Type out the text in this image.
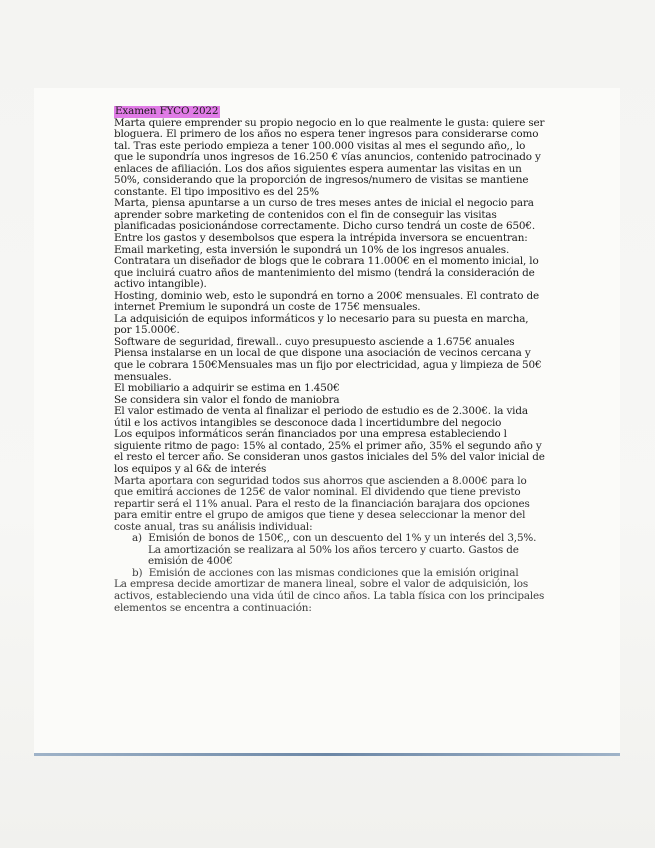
Examen FYCO 2022
Marta quiere emprender su propio negocio en lo que realmente le gusta: quiere ser
bloguera. El primero de los años no espera tener ingresos para considerarse como
tal. Tras este periodo empieza a tener 100.000 visitas al mes el segundo año,, lo
que le supondría unos ingresos de 16.250 € vías anuncios, contenido patrocinado y
enlaces de afiliación. Los dos años siguientes espera aumentar las visitas en un
50%, considerando que la proporción de ingresos/numero de visitas se mantiene
constante. El tipo impositivo es del 25%
Marta, piensa apuntarse a un curso de tres meses antes de inicial el negocio para
aprender sobre marketing de contenidos con el fin de conseguir las visitas
planificadas posicionándose correctamente. Dicho curso tendrá un coste de 650€.
Entre los gastos y desembolsos que espera la intrépida inversora se encuentran:
Email marketing, esta inversión le supondrá un 10% de los ingresos anuales.
Contratara un diseñador de blogs que le cobrara 11.000€ en el momento inicial, lo
que incluirá cuatro años de mantenimiento del mismo (tendrá la consideración de
activo intangible).
Hosting, dominio web, esto le supondrá en torno a 200€ mensuales. El contrato de
internet Premium le supondrá un coste de 175€ mensuales.
La adquisición de equipos informáticos y lo necesario para su puesta en marcha,
por 15.000€.
Software de seguridad, firewall.. cuyo presupuesto asciende a 1.675€ anuales
Piensa instalarse en un local de que dispone una asociación de vecinos cercana y
que le cobrara 150€Mensuales mas un fijo por electricidad, agua y limpieza de 50€
mensuales.
El mobiliario a adquirir se estima en 1.450€
Se considera sin valor el fondo de maniobra
El valor estimado de venta al finalizar el periodo de estudio es de 2.300€. la vida
útil e los activos intangibles se desconoce dada l incertidumbre del negocio
Los equipos informáticos serán financiados por una empresa estableciendo l
siguiente ritmo de pago: 15% al contado, 25% el primer año, 35% el segundo año y
el resto el tercer año. Se consideran unos gastos iniciales del 5% del valor inicial de
los equipos y al 6& de interés
Marta aportara con seguridad todos sus ahorros que ascienden a 8.000€ para lo
que emitirá acciones de 125€ de valor nominal. El dividendo que tiene previsto
repartir será el 11% anual. Para el resto de la financiación barajara dos opciones
para emitir entre el grupo de amigos que tiene y desea seleccionar la menor del
coste anual, tras su análisis individual:
a) Emisión de bonos de 150€,, con un descuento del 1% y un interés del 3,5%.
La amortización se realizara al 50% los años tercero y cuarto. Gastos de
emisión de 400€
b) Emisión de acciones con las mismas condiciones que la emisión original
La empresa decide amortizar de manera lineal, sobre el valor de adquisición, los
activos, estableciendo una vida útil de cinco años. La tabla física con los principales
elementos se encentra a continuación:
